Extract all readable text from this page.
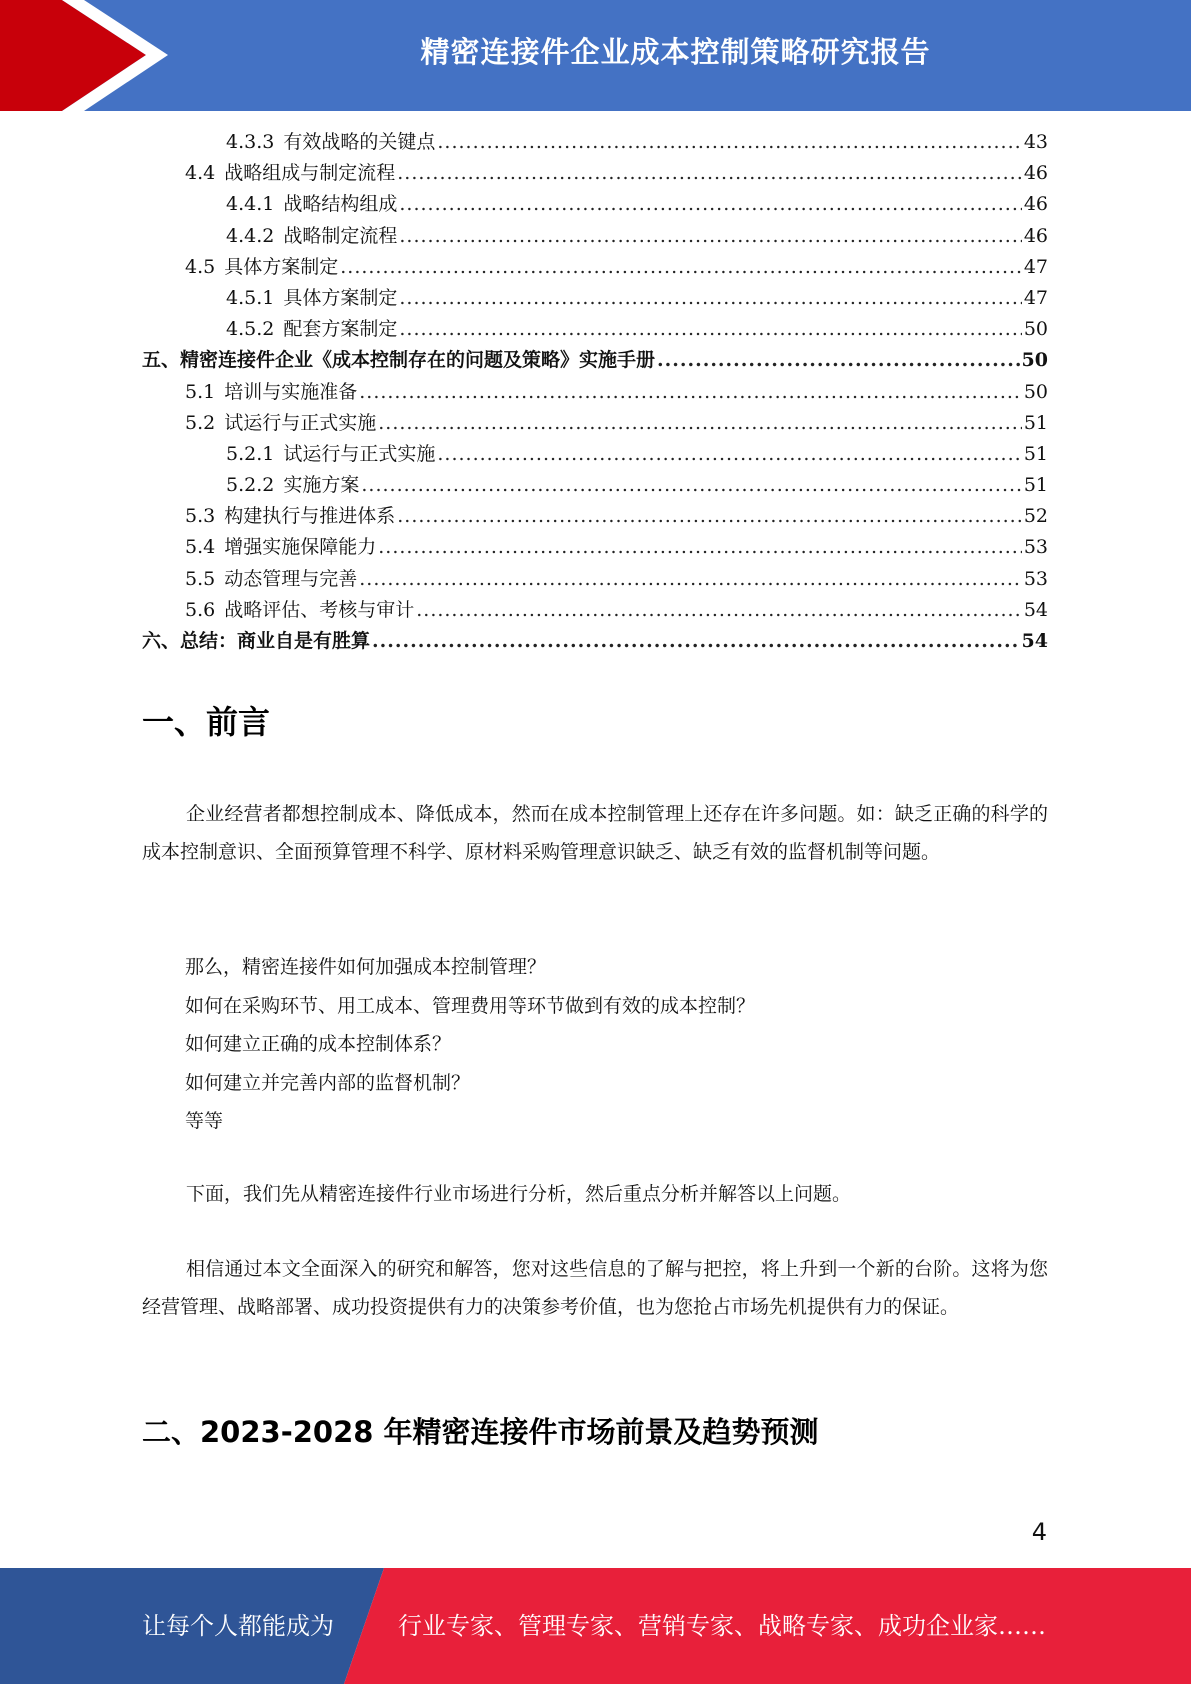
精密连接件企业成本控制策略研究报告
4.3.3 有效战略的关键点 .....	43
4.4 战略组成与制定流程 .....	46
4.4.1 战略结构组成 .....	46
4.4.2 战略制定流程 .....	46
4.5 具体方案制定 .....	47
4.5.1 具体方案制定 .....	47
4.5.2 配套方案制定 .....	50
五、精密连接件企业《成本控制存在的问题及策略》实施手册 .....	50
5.1 培训与实施准备 .....	50
5.2 试运行与正式实施 .....	51
5.2.1 试运行与正式实施 .....	51
5.2.2 实施方案 .....	51
5.3 构建执行与推进体系 .....	52
5.4 增强实施保障能力 .....	53
5.5 动态管理与完善 .....	53
5.6 战略评估、考核与审计 .....	54
六、总结：商业自是有胜算 .....	54
一、前言
企业经营者都想控制成本、降低成本，然而在成本控制管理上还存在许多问题。如：缺乏正确的科学的成本控制意识、全面预算管理不科学、原材料采购管理意识缺乏、缺乏有效的监督机制等问题。
那么，精密连接件如何加强成本控制管理？
如何在采购环节、用工成本、管理费用等环节做到有效的成本控制？
如何建立正确的成本控制体系？
如何建立并完善内部的监督机制？
等等
下面，我们先从精密连接件行业市场进行分析，然后重点分析并解答以上问题。
相信通过本文全面深入的研究和解答，您对这些信息的了解与把控，将上升到一个新的台阶。这将为您经营管理、战略部署、成功投资提供有力的决策参考价值，也为您抢占市场先机提供有力的保证。
二、2023-2028 年精密连接件市场前景及趋势预测
4
让每个人都能成为	行业专家、管理专家、营销专家、战略专家、成功企业家……
